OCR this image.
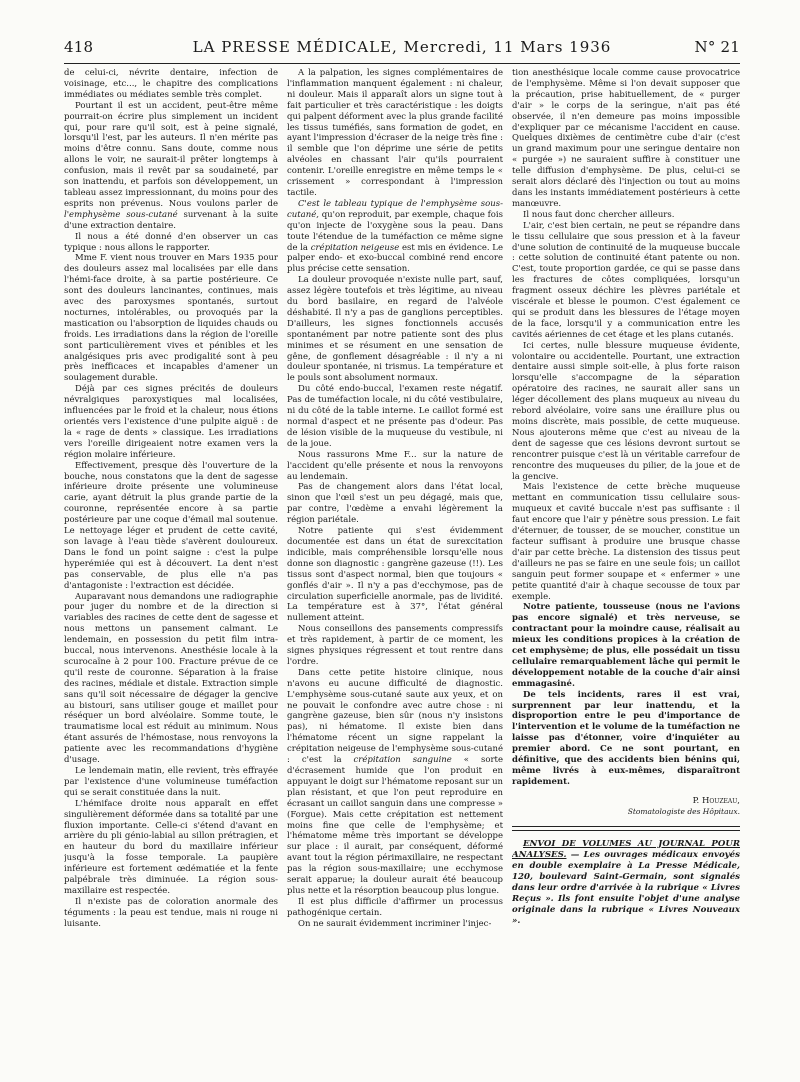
418	LA PRESSE MÉDICALE, Mercredi, 11 Mars 1936	N° 21

de celui-ci, névrite dentaire, infection de voisinage, etc..., le chapitre des complications immédiates ou médiates semble très complet.

Pourtant il est un accident, peut-être même pourrait-on écrire plus simplement un incident qui, pour rare qu'il soit, est à peine signalé, lorsqu'il l'est, par les auteurs. Il n'en mérite pas moins d'être connu. Sans doute, comme nous allons le voir, ne saurait-il prêter longtemps à confusion, mais il revêt par sa soudaineté, par son inattendu, et parfois son développement, un tableau assez impressionnant, du moins pour des esprits non prévenus. Nous voulons parler de l'emphysème sous-cutané survenant à la suite d'une extraction dentaire.

Il nous a été donné d'en observer un cas typique : nous allons le rapporter.

Mme F. vient nous trouver en Mars 1935 pour des douleurs assez mal localisées par elle dans l'hémi-face droite, à sa partie postérieure. Ce sont des douleurs lancinantes, continues, mais avec des paroxysmes spontanés, surtout nocturnes, intolérables, ou provoqués par la mastication ou l'absorption de liquides chauds ou froids. Les irradiations dans la région de l'oreille sont particulièrement vives et pénibles et les analgésiques pris avec prodigalité sont à peu près inefficaces et incapables d'amener un soulagement durable.

Déjà par ces signes précités de douleurs névralgiques paroxystiques mal localisées, influencées par le froid et la chaleur, nous étions orientés vers l'existence d'une pulpite aiguë : de la « rage de dents » classique. Les irradiations vers l'oreille dirigeaient notre examen vers la région molaire inférieure.

Effectivement, presque dès l'ouverture de la bouche, nous constatons que la dent de sagesse inférieure droite présente une volumineuse carie, ayant détruit la plus grande partie de la couronne, représentée encore à sa partie postérieure par une coque d'émail mal soutenue. Le nettoyage léger et prudent de cette cavité, son lavage à l'eau tiède s'avèrent douloureux. Dans le fond un point saigne : c'est la pulpe hyperémiée qui est à découvert. La dent n'est pas conservable, de plus elle n'a pas d'antagoniste : l'extraction est décidée.

Auparavant nous demandons une radiographie pour juger du nombre et de la direction si variables des racines de cette dent de sagesse et nous mettons un pansement calmant. Le lendemain, en possession du petit film intra-buccal, nous intervenons. Anesthésie locale à la scurocaïne à 2 pour 100. Fracture prévue de ce qu'il reste de couronne. Séparation à la fraise des racines, médiale et distale. Extraction simple sans qu'il soit nécessaire de dégager la gencive au bistouri, sans utiliser gouge et maillet pour réséquer un bord alvéolaire. Somme toute, le traumatisme local est réduit au minimum. Nous étant assurés de l'hémostase, nous renvoyons la patiente avec les recommandations d'hygiène d'usage.

Le lendemain matin, elle revient, très effrayée par l'existence d'une volumineuse tuméfaction qui se serait constituée dans la nuit.

L'hémiface droite nous apparaît en effet singulièrement déformée dans sa totalité par une fluxion importante. Celle-ci s'étend d'avant en arrière du pli génio-labial au sillon prétragien, et en hauteur du bord du maxillaire inférieur jusqu'à la fosse temporale. La paupière inférieure est fortement œdématiée et la fente palpébrale très diminuée. La région sous-maxillaire est respectée.

Il n'existe pas de coloration anormale des téguments : la peau est tendue, mais ni rouge ni luisante.

A la palpation, les signes complémentaires de l'inflammation manquent également : ni chaleur, ni douleur. Mais il apparaît alors un signe tout à fait particulier et très caractéristique : les doigts qui palpent déforment avec la plus grande facilité les tissus tuméfiés, sans formation de godet, en ayant l'impression d'écraser de la neige très fine : il semble que l'on déprime une série de petits alvéoles en chassant l'air qu'ils pourraient contenir. L'oreille enregistre en même temps le « crissement » correspondant à l'impression tactile.

C'est le tableau typique de l'emphysème sous-cutané, qu'on reproduit, par exemple, chaque fois qu'on injecte de l'oxygène sous la peau. Dans toute l'étendue de la tuméfaction ce même signe de la crépitation neigeuse est mis en évidence. Le palper endo- et exo-buccal combiné rend encore plus précise cette sensation.

La douleur provoquée n'existe nulle part, sauf, assez légère toutefois et très légitime, au niveau du bord basilaire, en regard de l'alvéole déshabité. Il n'y a pas de ganglions perceptibles. D'ailleurs, les signes fonctionnels accusés spontanément par notre patiente sont des plus minimes et se résument en une sensation de gêne, de gonflement désagréable : il n'y a ni douleur spontanée, ni trismus. La température et le pouls sont absolument normaux.

Du côté endo-buccal, l'examen reste négatif. Pas de tuméfaction locale, ni du côté vestibulaire, ni du côté de la table interne. Le caillot formé est normal d'aspect et ne présente pas d'odeur. Pas de lésion visible de la muqueuse du vestibule, ni de la joue.

Nous rassurons Mme F... sur la nature de l'accident qu'elle présente et nous la renvoyons au lendemain.

Pas de changement alors dans l'état local, sinon que l'œil s'est un peu dégagé, mais que, par contre, l'œdème a envahi légèrement la région pariétale.

Notre patiente qui s'est évidemment documentée est dans un état de surexcitation indicible, mais compréhensible lorsqu'elle nous donne son diagnostic : gangrène gazeuse (!!). Les tissus sont d'aspect normal, bien que toujours « gonflés d'air ». Il n'y a pas d'ecchymose, pas de circulation superficielle anormale, pas de lividité. La température est à 37°, l'état général nullement atteint.

Nous conseillons des pansements compressifs et très rapidement, à partir de ce moment, les signes physiques régressent et tout rentre dans l'ordre.

Dans cette petite histoire clinique, nous n'avons eu aucune difficulté de diagnostic. L'emphysème sous-cutané saute aux yeux, et on ne pouvait le confondre avec autre chose : ni gangrène gazeuse, bien sûr (nous n'y insistons pas), ni hématome. Il existe bien dans l'hématome récent un signe rappelant la crépitation neigeuse de l'emphysème sous-cutané : c'est la crépitation sanguine « sorte d'écrasement humide que l'on produit en appuyant le doigt sur l'hématome reposant sur un plan résistant, et que l'on peut reproduire en écrasant un caillot sanguin dans une compresse » (Forgue). Mais cette crépitation est nettement moins fine que celle de l'emphysème; et l'hématome même très important se développe sur place : il aurait, par conséquent, déformé avant tout la région périmaxillaire, ne respectant pas la région sous-maxillaire; une ecchymose serait apparue; la douleur aurait été beaucoup plus nette et la résorption beaucoup plus longue.

Il est plus difficile d'affirmer un processus pathogénique certain.

On ne saurait évidemment incriminer l'injec-

tion anesthésique locale comme cause provocatrice de l'emphysème. Même si l'on devait supposer que la précaution, prise habituellement, de « purger d'air » le corps de la seringue, n'ait pas été observée, il n'en demeure pas moins impossible d'expliquer par ce mécanisme l'accident en cause. Quelques dixièmes de centimètre cube d'air (c'est un grand maximum pour une seringue dentaire non « purgée ») ne sauraient suffire à constituer une telle diffusion d'emphysème. De plus, celui-ci se serait alors déclaré dès l'injection ou tout au moins dans les instants immédiatement postérieurs à cette manœuvre.

Il nous faut donc chercher ailleurs.

L'air, c'est bien certain, ne peut se répandre dans le tissu cellulaire que sous pression et à la faveur d'une solution de continuité de la muqueuse buccale : cette solution de continuité étant patente ou non. C'est, toute proportion gardée, ce qui se passe dans les fractures de côtes compliquées, lorsqu'un fragment osseux déchire les plèvres pariétale et viscérale et blesse le poumon. C'est également ce qui se produit dans les blessures de l'étage moyen de la face, lorsqu'il y a communication entre les cavités aériennes de cet étage et les plans cutanés.

Ici certes, nulle blessure muqueuse évidente, volontaire ou accidentelle. Pourtant, une extraction dentaire aussi simple soit-elle, à plus forte raison lorsqu'elle s'accompagne de la séparation opératoire des racines, ne saurait aller sans un léger décollement des plans muqueux au niveau du rebord alvéolaire, voire sans une éraillure plus ou moins discrète, mais possible, de cette muqueuse. Nous ajouterons même que c'est au niveau de la dent de sagesse que ces lésions devront surtout se rencontrer puisque c'est là un véritable carrefour de rencontre des muqueuses du pilier, de la joue et de la gencive.

Mais l'existence de cette brèche muqueuse mettant en communication tissu cellulaire sous-muqueux et cavité buccale n'est pas suffisante : il faut encore que l'air y pénètre sous pression. Le fait d'éternuer, de tousser, de se moucher, constitue un facteur suffisant à produire une brusque chasse d'air par cette brèche. La distension des tissus peut d'ailleurs ne pas se faire en une seule fois; un caillot sanguin peut former soupape et « enfermer » une petite quantité d'air à chaque secousse de toux par exemple.

Notre patiente, tousseuse (nous ne l'avions pas encore signalé) et très nerveuse, se contractant pour la moindre cause, réalisait au mieux les conditions propices à la création de cet emphysème; de plus, elle possédait un tissu cellulaire remarquablement lâche qui permit le développement notable de la couche d'air ainsi emmagasiné.

De tels incidents, rares il est vrai, surprennent par leur inattendu, et la disproportion entre le peu d'importance de l'intervention et le volume de la tuméfaction ne laisse pas d'étonner, voire d'inquiéter au premier abord. Ce ne sont pourtant, en définitive, que des accidents bien bénins qui, même livrés à eux-mêmes, disparaîtront rapidement.

P. Houzeau,
Stomatologiste des Hôpitaux.

ENVOI DE VOLUMES AU JOURNAL POUR ANALYSES. — Les ouvrages médicaux envoyés en double exemplaire à La Presse Médicale, 120, boulevard Saint-Germain, sont signalés dans leur ordre d'arrivée à la rubrique « Livres Reçus ». Ils font ensuite l'objet d'une analyse originale dans la rubrique « Livres Nouveaux ».
